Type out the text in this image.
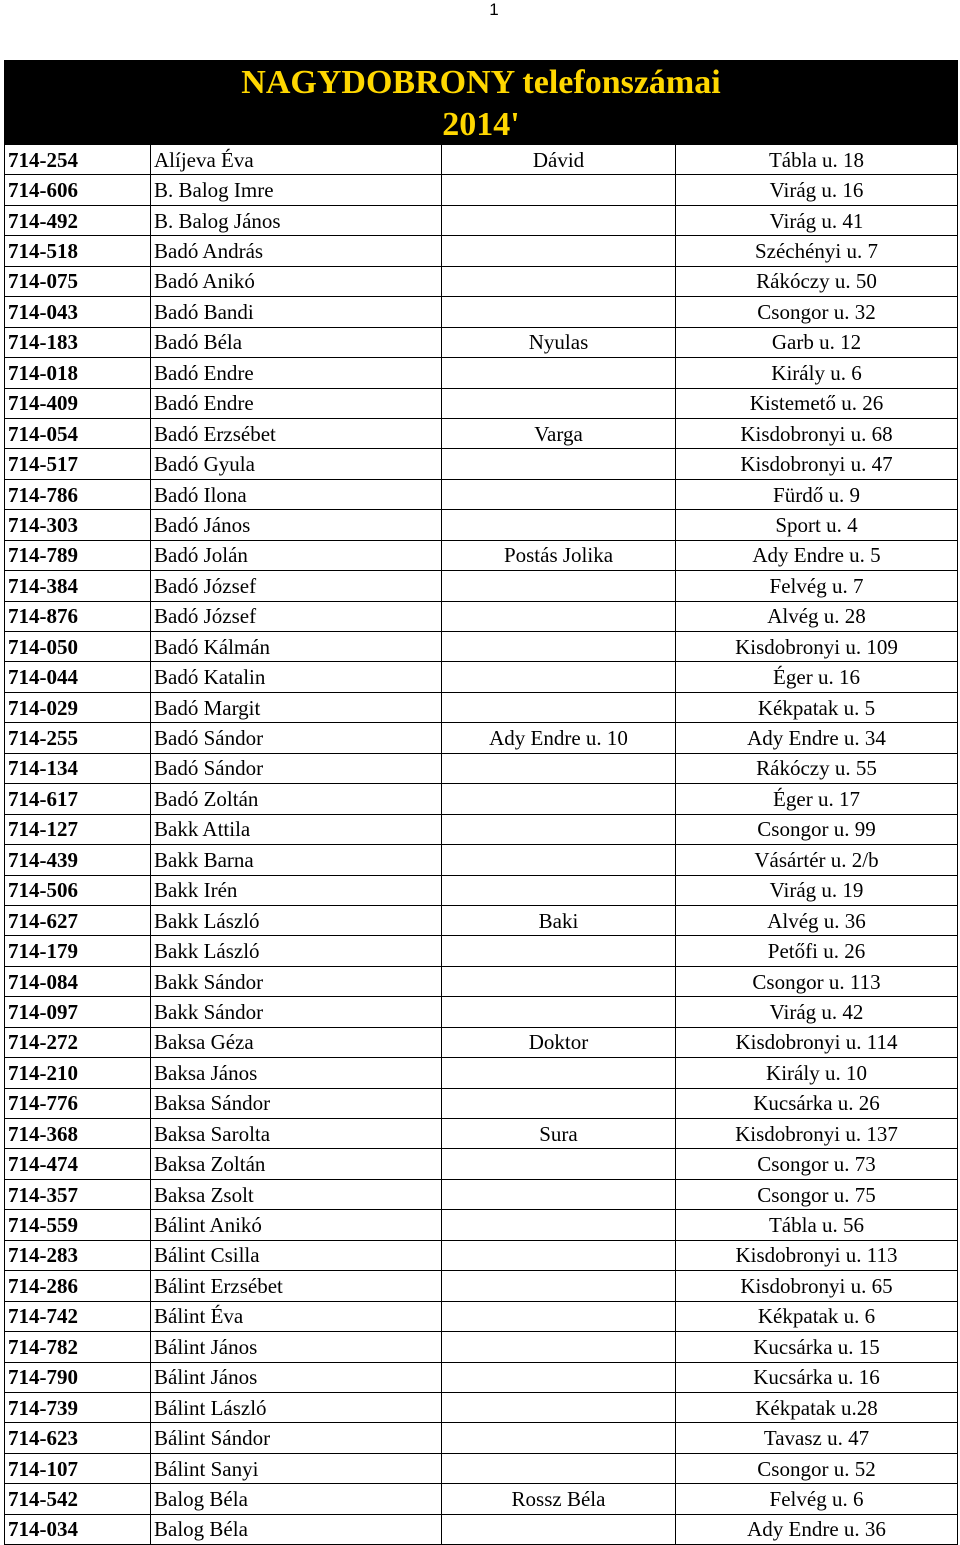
1
NAGYDOBRONY telefonszámai
2014'
714-254	Alíjeva Éva	Dávid	Tábla u. 18
714-606	B. Balog Imre		Virág u. 16
714-492	B. Balog János		Virág u. 41
714-518	Badó András		Széchényi u. 7
714-075	Badó Anikó		Rákóczy u. 50
714-043	Badó Bandi		Csongor u. 32
714-183	Badó Béla	Nyulas	Garb u. 12
714-018	Badó Endre		Király u. 6
714-409	Badó Endre		Kistemető u. 26
714-054	Badó Erzsébet	Varga	Kisdobronyi u. 68
714-517	Badó Gyula		Kisdobronyi u. 47
714-786	Badó Ilona		Fürdő u. 9
714-303	Badó János		Sport u. 4
714-789	Badó Jolán	Postás Jolika	Ady Endre u. 5
714-384	Badó József		Felvég u. 7
714-876	Badó József		Alvég u. 28
714-050	Badó Kálmán		Kisdobronyi u. 109
714-044	Badó Katalin		Éger u. 16
714-029	Badó Margit		Kékpatak u. 5
714-255	Badó Sándor	Ady Endre u. 10	Ady Endre u. 34
714-134	Badó Sándor		Rákóczy u. 55
714-617	Badó Zoltán		Éger u. 17
714-127	Bakk Attila		Csongor u. 99
714-439	Bakk Barna		Vásártér u. 2/b
714-506	Bakk Irén		Virág u. 19
714-627	Bakk László	Baki	Alvég u. 36
714-179	Bakk László		Petőfi u. 26
714-084	Bakk Sándor		Csongor u. 113
714-097	Bakk Sándor		Virág u. 42
714-272	Baksa Géza	Doktor	Kisdobronyi u. 114
714-210	Baksa János		Király u. 10
714-776	Baksa Sándor		Kucsárka u. 26
714-368	Baksa Sarolta	Sura	Kisdobronyi u. 137
714-474	Baksa Zoltán		Csongor u. 73
714-357	Baksa Zsolt		Csongor u. 75
714-559	Bálint Anikó		Tábla u. 56
714-283	Bálint Csilla		Kisdobronyi u. 113
714-286	Bálint Erzsébet		Kisdobronyi u. 65
714-742	Bálint Éva		Kékpatak u. 6
714-782	Bálint János		Kucsárka u. 15
714-790	Bálint János		Kucsárka u. 16
714-739	Bálint László		Kékpatak u.28
714-623	Bálint Sándor		Tavasz u. 47
714-107	Bálint Sanyi		Csongor u. 52
714-542	Balog Béla	Rossz Béla	Felvég u. 6
714-034	Balog Béla		Ady Endre u. 36
